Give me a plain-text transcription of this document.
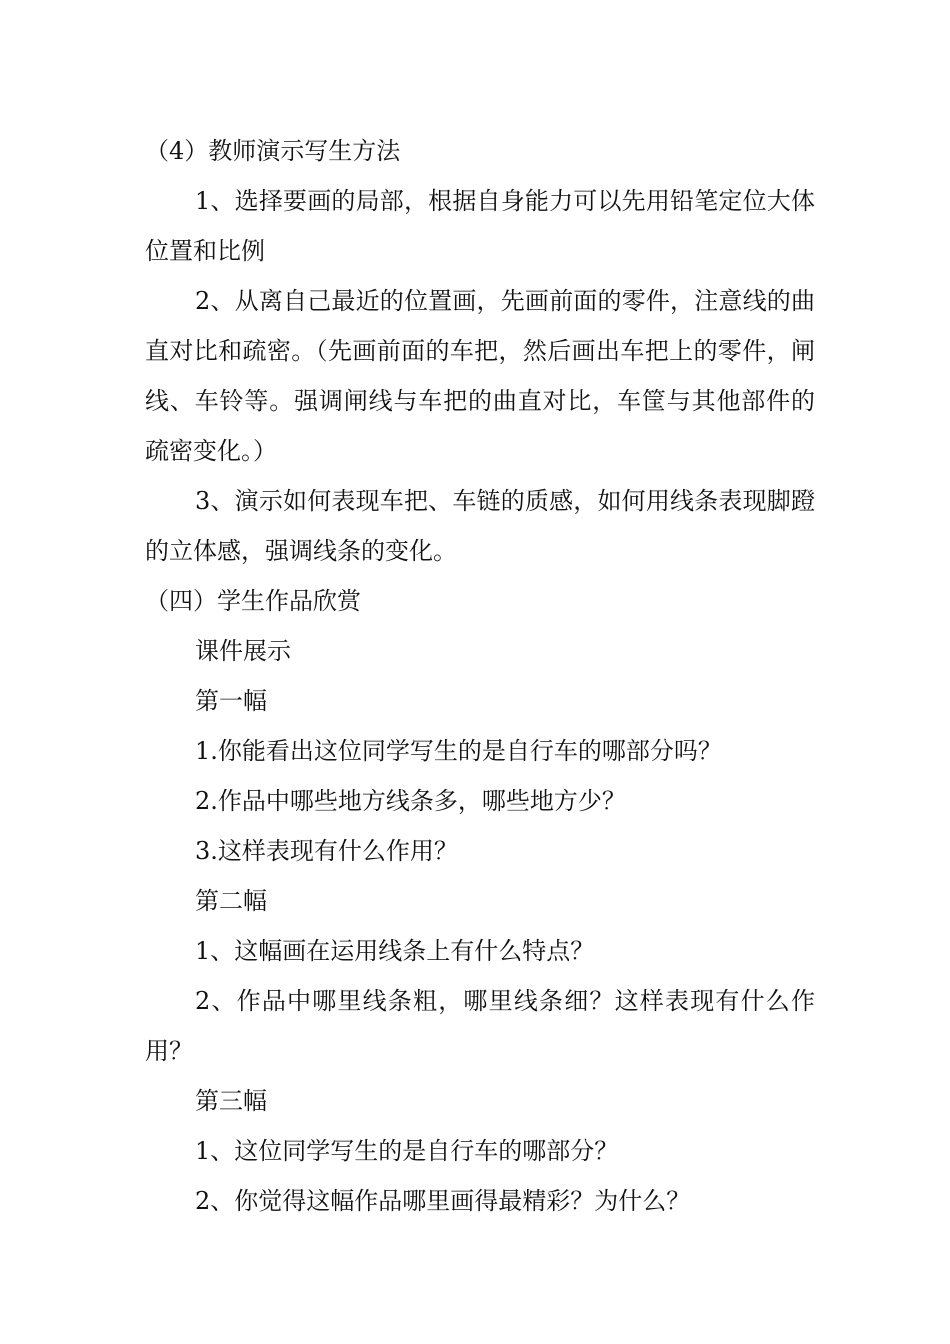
（4）教师演示写生方法
1、选择要画的局部，根据自身能力可以先用铅笔定位大体位置和比例
2、从离自己最近的位置画，先画前面的零件，注意线的曲直对比和疏密。（先画前面的车把，然后画出车把上的零件，闸线、车铃等。强调闸线与车把的曲直对比，车筐与其他部件的疏密变化。）
3、演示如何表现车把、车链的质感，如何用线条表现脚蹬的立体感，强调线条的变化。
（四）学生作品欣赏
课件展示
第一幅
1.你能看出这位同学写生的是自行车的哪部分吗？
2.作品中哪些地方线条多，哪些地方少？
3.这样表现有什么作用？
第二幅
1、这幅画在运用线条上有什么特点？
2、作品中哪里线条粗，哪里线条细？这样表现有什么作用？
第三幅
1、这位同学写生的是自行车的哪部分？
2、你觉得这幅作品哪里画得最精彩？为什么？
